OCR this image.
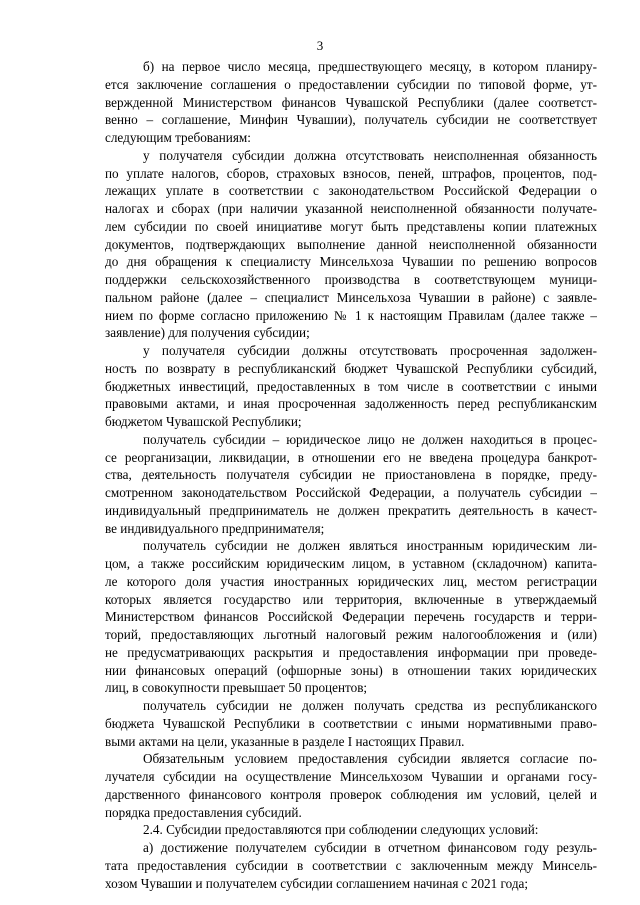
3
б) на первое число месяца, предшествующего месяцу, в котором планиру-
ется заключение соглашения о предоставлении субсидии по типовой форме, ут-
вержденной Министерством финансов Чувашской Республики (далее соответст-
венно – соглашение, Минфин Чувашии), получатель субсидии не соответствует
следующим требованиям:
у получателя субсидии должна отсутствовать неисполненная обязанность
по уплате налогов, сборов, страховых взносов, пеней, штрафов, процентов, под-
лежащих уплате в соответствии с законодательством Российской Федерации о
налогах и сборах (при наличии указанной неисполненной обязанности получате-
лем субсидии по своей инициативе могут быть представлены копии платежных
документов, подтверждающих выполнение данной неисполненной обязанности
до дня обращения к специалисту Минсельхоза Чувашии по решению вопросов
поддержки сельскохозяйственного производства в соответствующем муници-
пальном районе (далее – специалист Минсельхоза Чувашии в районе) с заявле-
нием по форме согласно приложению № 1 к настоящим Правилам (далее также –
заявление) для получения субсидии;
у получателя субсидии должны отсутствовать просроченная задолжен-
ность по возврату в республиканский бюджет Чувашской Республики субсидий,
бюджетных инвестиций, предоставленных в том числе в соответствии с иными
правовыми актами, и иная просроченная задолженность перед республиканским
бюджетом Чувашской Республики;
получатель субсидии – юридическое лицо не должен находиться в процес-
се реорганизации, ликвидации, в отношении его не введена процедура банкрот-
ства, деятельность получателя субсидии не приостановлена в порядке, преду-
смотренном законодательством Российской Федерации, а получатель субсидии –
индивидуальный предприниматель не должен прекратить деятельность в качест-
ве индивидуального предпринимателя;
получатель субсидии не должен являться иностранным юридическим ли-
цом, а также российским юридическим лицом, в уставном (складочном) капита-
ле которого доля участия иностранных юридических лиц, местом регистрации
которых является государство или территория, включенные в утверждаемый
Министерством финансов Российской Федерации перечень государств и терри-
торий, предоставляющих льготный налоговый режим налогообложения и (или)
не предусматривающих раскрытия и предоставления информации при проведе-
нии финансовых операций (офшорные зоны) в отношении таких юридических
лиц, в совокупности превышает 50 процентов;
получатель субсидии не должен получать средства из республиканского
бюджета Чувашской Республики в соответствии с иными нормативными право-
выми актами на цели, указанные в разделе I настоящих Правил.
Обязательным условием предоставления субсидии является согласие по-
лучателя субсидии на осуществление Минсельхозом Чувашии и органами госу-
дарственного финансового контроля проверок соблюдения им условий, целей и
порядка предоставления субсидий.
2.4. Субсидии предоставляются при соблюдении следующих условий:
а) достижение получателем субсидии в отчетном финансовом году резуль-
тата предоставления субсидии в соответствии с заключенным между Минсель-
хозом Чувашии и получателем субсидии соглашением начиная с 2021 года;
